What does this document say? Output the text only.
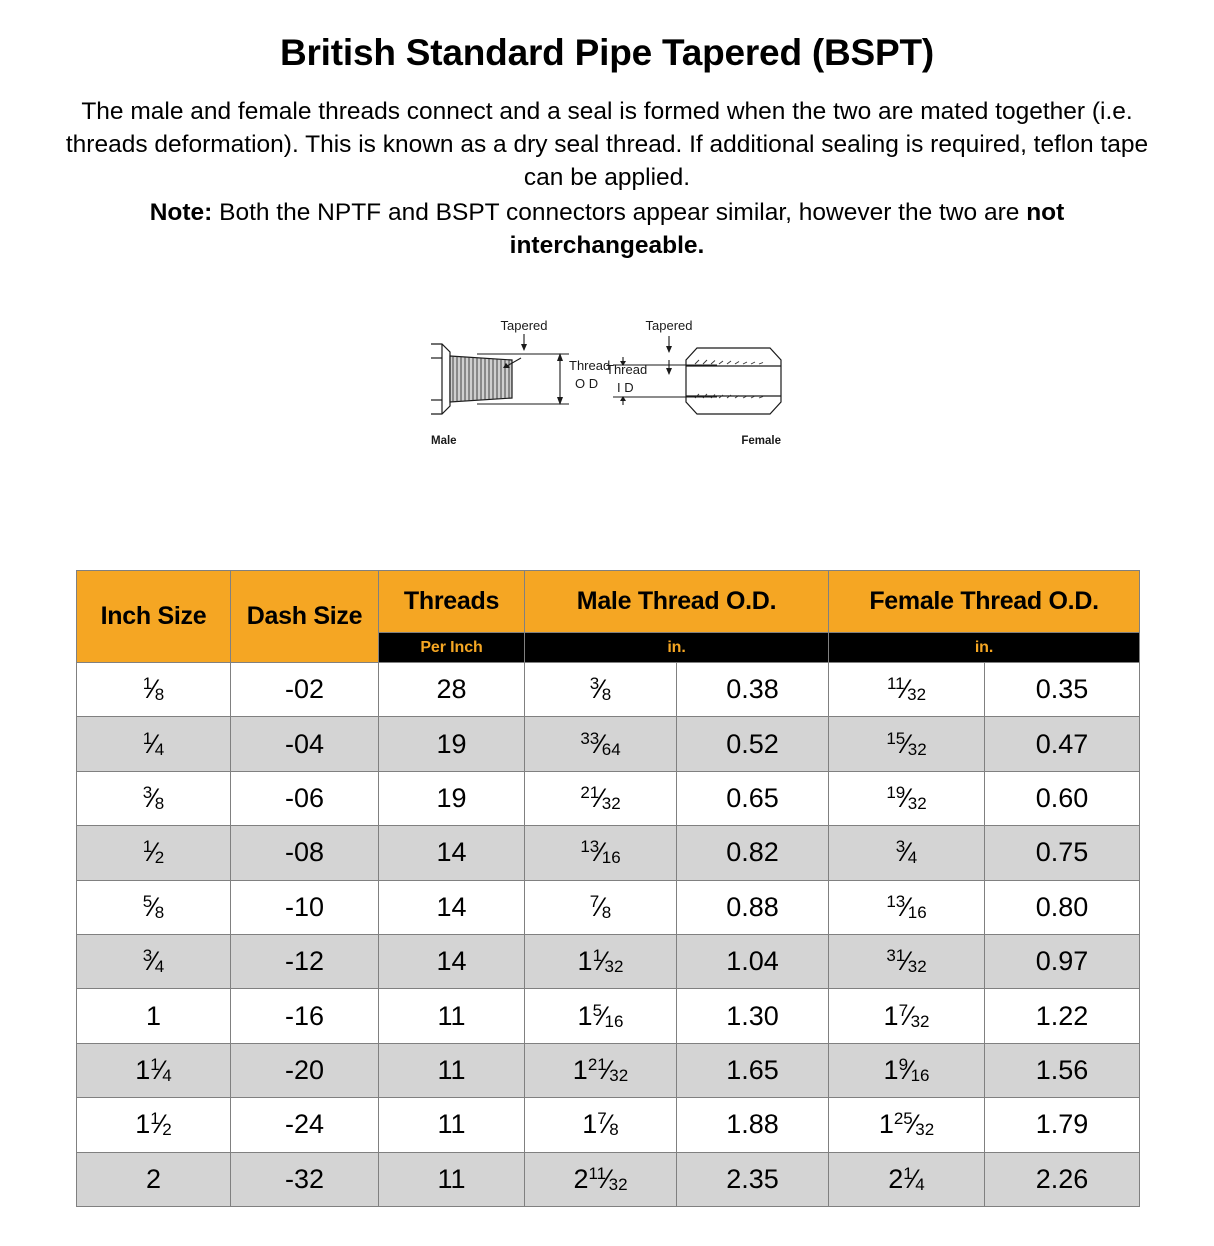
British Standard Pipe Tapered (BSPT)

The male and female threads connect and a seal is formed when the two are mated together (i.e. threads deformation). This is known as a dry seal thread. If additional sealing is required, teflon tape can be applied.

Note: Both the NPTF and BSPT connectors appear similar, however the two are not interchangeable.

Tapered
Thread
O D
Tapered
Thread
I D
Male	Female
Inch Size	Dash Size	Threads	Male Thread O.D.		Female Thread O.D.	
		Per Inch	in.		in.	
$^1$⁄8	-02	28	$^3$⁄8	0.38	$^{11}$⁄32	0.35
$^1$⁄4	-04	19	$^{33}$⁄64	0.52	$^{15}$⁄32	0.47
$^3$⁄8	-06	19	$^{21}$⁄32	0.65	$^{19}$⁄32	0.60
$^1$⁄2	-08	14	$^{13}$⁄16	0.82	$^3$⁄4	0.75
$^5$⁄8	-10	14	$^7$⁄8	0.88	$^{13}$⁄16	0.80
$^3$⁄4	-12	14	$1^1⁄32$	1.04	$^{31}$⁄32	0.97
1	-16	11	$1^5⁄16$	1.30	$1^7⁄32$	1.22
$1^1⁄4$	-20	11	$1^{21}⁄32$	1.65	$1^9⁄16$	1.56
$1^1⁄2$	-24	11	$1^7⁄8$	1.88	$1^{25}⁄32$	1.79
2	-32	11	$2^{11}⁄32$	2.35	$2^1⁄4$	2.26
